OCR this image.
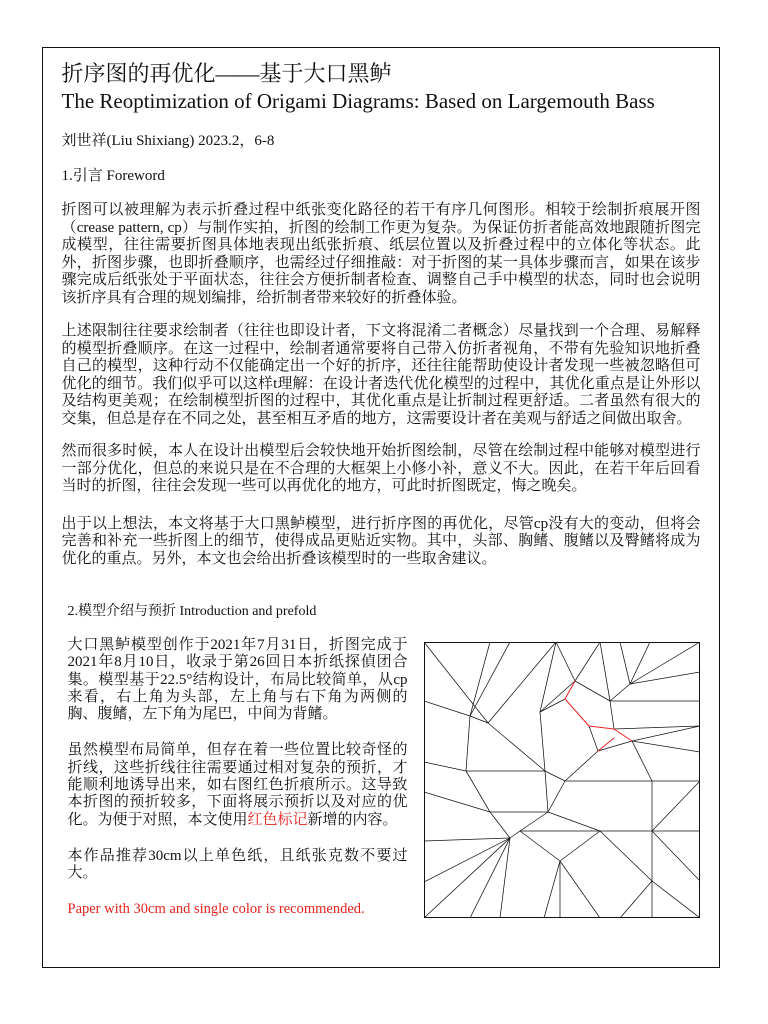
折序图的再优化——基于大口黑鲈
The Reoptimization of Origami Diagrams: Based on Largemouth Bass

刘世祥(Liu Shixiang) 2023.2，6-8

1.引言 Foreword

折图可以被理解为表示折叠过程中纸张变化路径的若干有序几何图形。相较于绘制折痕展开图（crease pattern, cp）与制作实拍，折图的绘制工作更为复杂。为保证仿折者能高效地跟随折图完成模型，往往需要折图具体地表现出纸张折痕、纸层位置以及折叠过程中的立体化等状态。此外，折图步骤，也即折叠顺序，也需经过仔细推敲：对于折图的某一具体步骤而言，如果在该步骤完成后纸张处于平面状态，往往会方便折制者检查、调整自己手中模型的状态，同时也会说明该折序具有合理的规划编排，给折制者带来较好的折叠体验。

上述限制往往要求绘制者（往往也即设计者，下文将混淆二者概念）尽量找到一个合理、易解释的模型折叠顺序。在这一过程中，绘制者通常要将自己带入仿折者视角，不带有先验知识地折叠自己的模型，这种行动不仅能确定出一个好的折序，还往往能帮助使设计者发现一些被忽略但可优化的细节。我们似乎可以这样t理解：在设计者迭代优化模型的过程中，其优化重点是让外形以及结构更美观；在绘制模型折图的过程中，其优化重点是让折制过程更舒适。二者虽然有很大的交集，但总是存在不同之处，甚至相互矛盾的地方，这需要设计者在美观与舒适之间做出取舍。

然而很多时候，本人在设计出模型后会较快地开始折图绘制，尽管在绘制过程中能够对模型进行一部分优化，但总的来说只是在不合理的大框架上小修小补，意义不大。因此，在若干年后回看当时的折图，往往会发现一些可以再优化的地方，可此时折图既定，悔之晚矣。

出于以上想法，本文将基于大口黑鲈模型，进行折序图的再优化，尽管cp没有大的变动，但将会完善和补充一些折图上的细节，使得成品更贴近实物。其中，头部、胸鳍、腹鳍以及臀鳍将成为优化的重点。另外，本文也会给出折叠该模型时的一些取舍建议。

2.模型介绍与预折 Introduction and prefold

大口黑鲈模型创作于2021年7月31日，折图完成于2021年8月10日，收录于第26回日本折纸探偵团合集。模型基于22.5°结构设计，布局比较简单，从cp来看，右上角为头部，左上角与右下角为两侧的胸、腹鳍，左下角为尾巴，中间为背鳍。

虽然模型布局简单，但存在着一些位置比较奇怪的折线，这些折线往往需要通过相对复杂的预折，才能顺利地诱导出来，如右图红色折痕所示。这导致本折图的预折较多，下面将展示预折以及对应的优化。为便于对照，本文使用红色标记新增的内容。

本作品推荐30cm以上单色纸，且纸张克数不要过大。

Paper with 30cm and single color is recommended.
